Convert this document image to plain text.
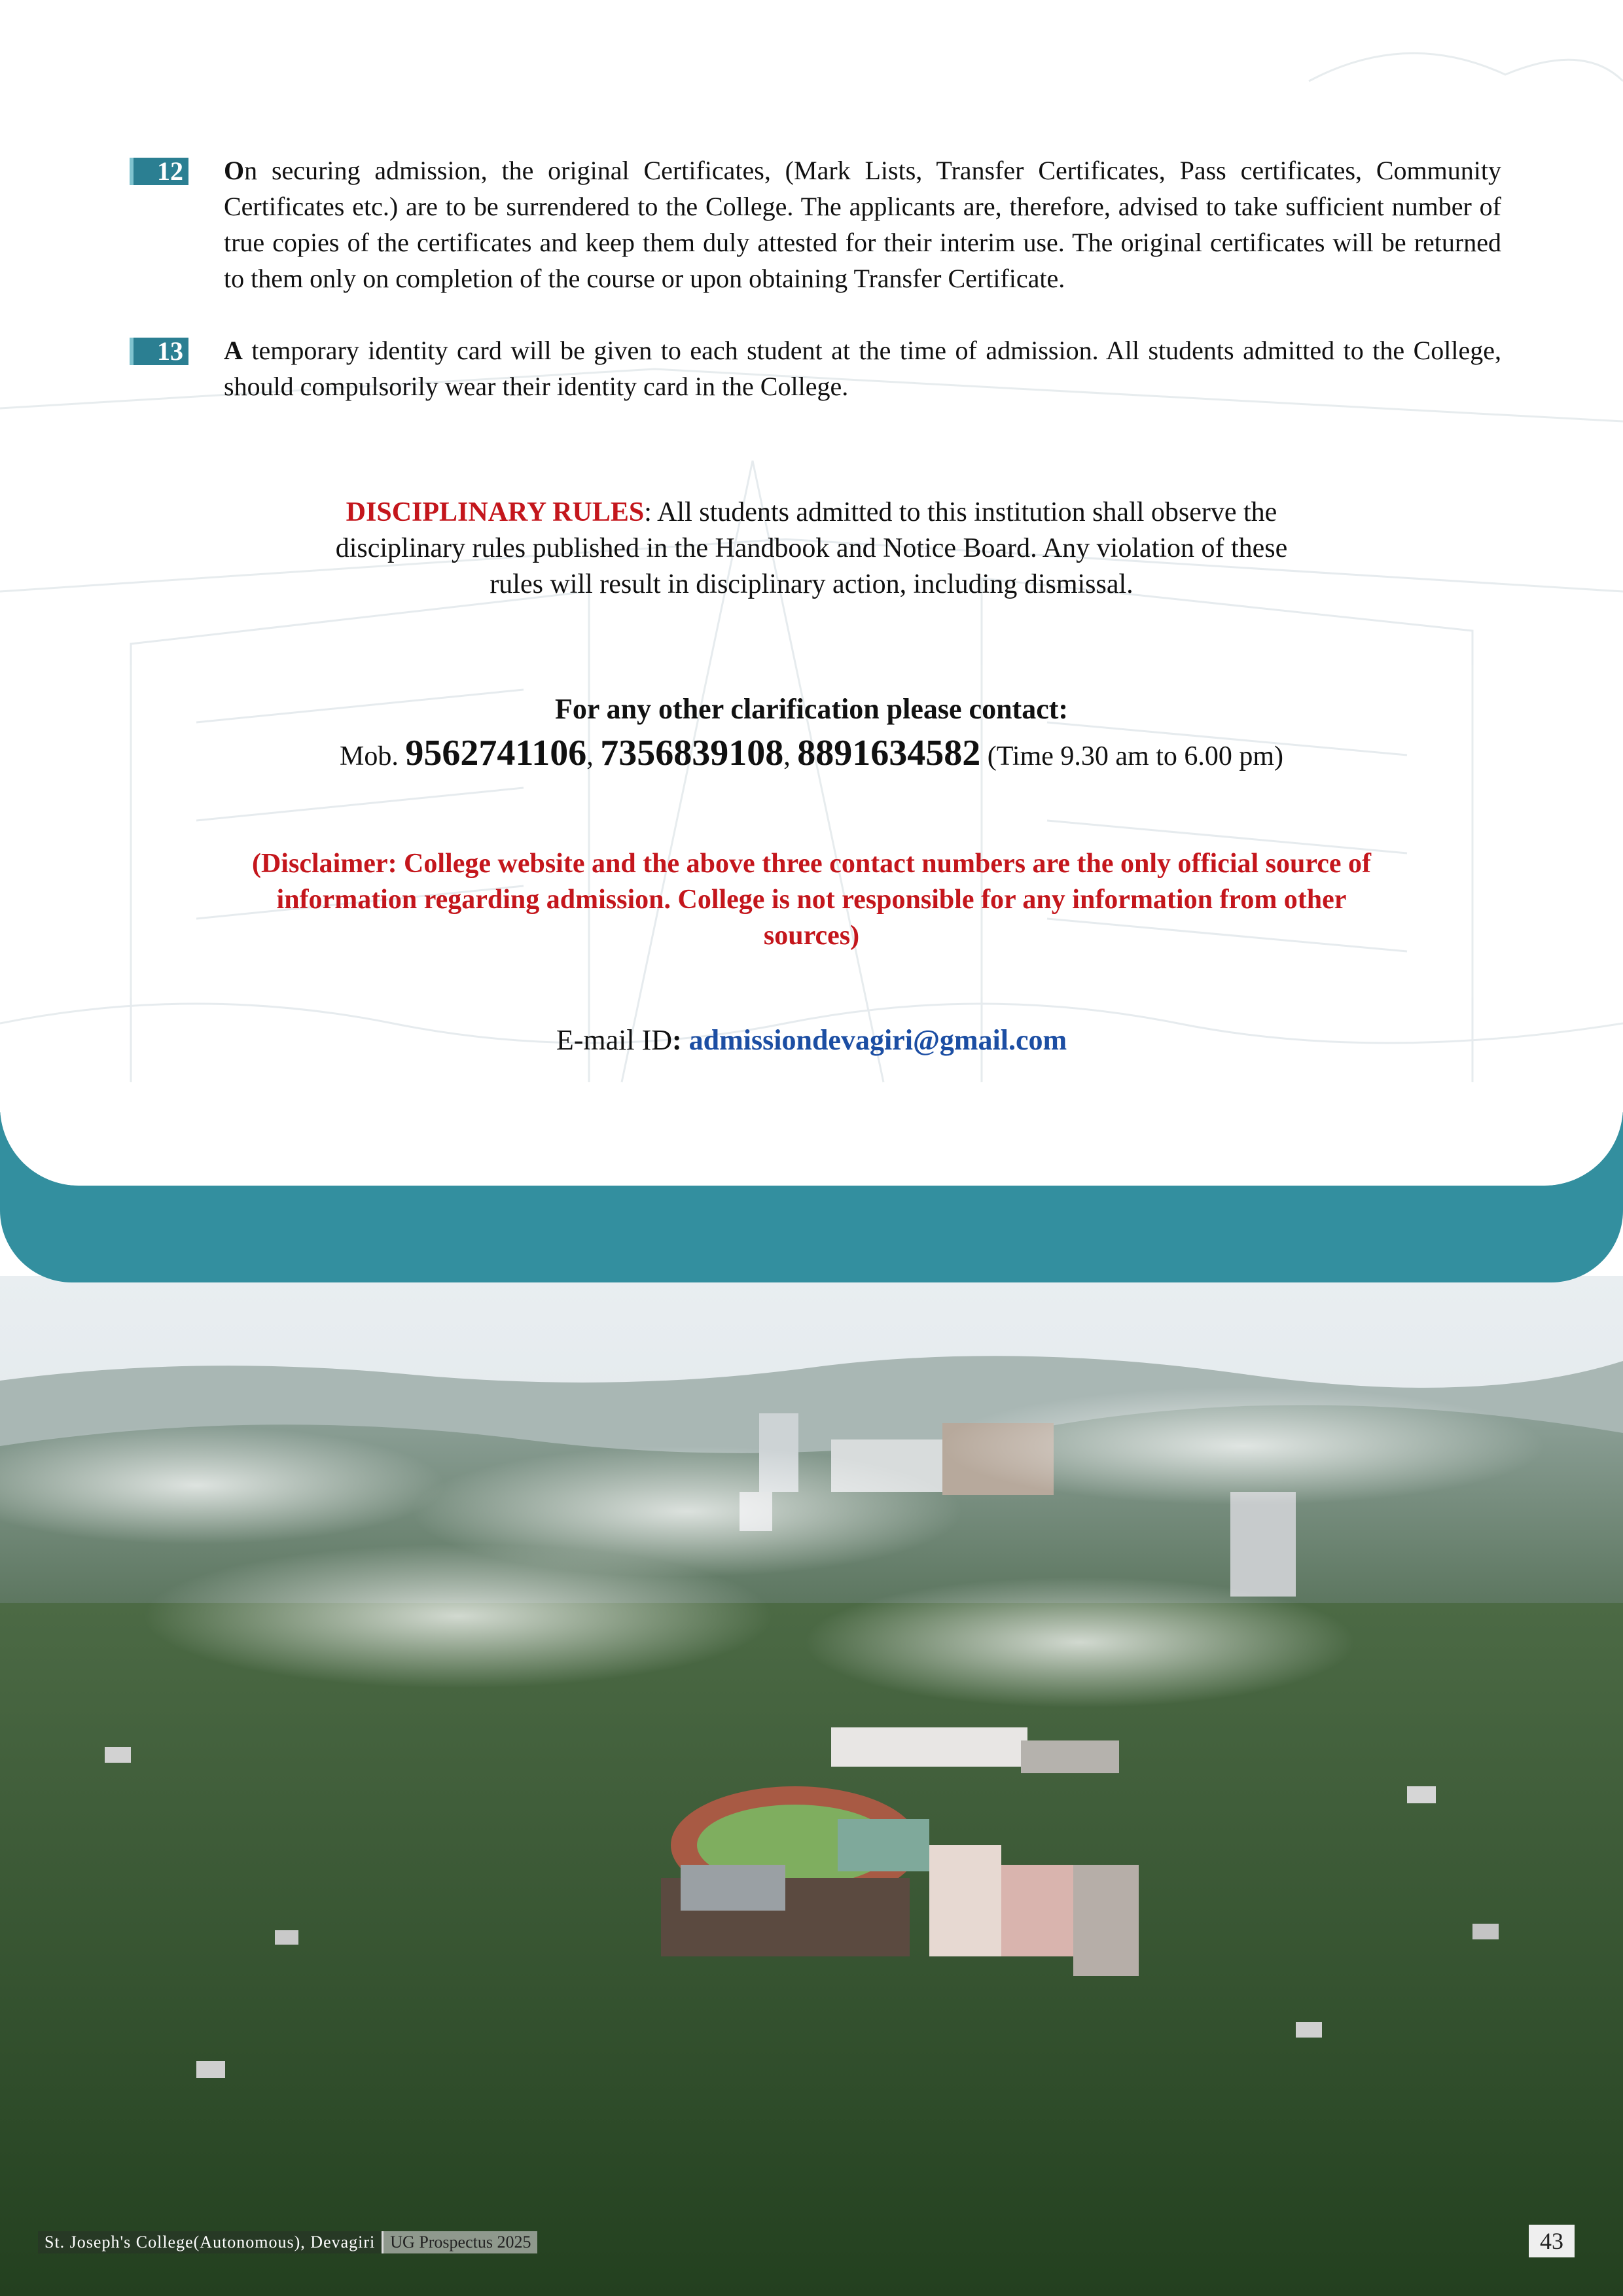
12 On securing admission, the original Certificates, (Mark Lists, Transfer Certificates, Pass certificates, Community Certificates etc.) are to be surrendered to the College. The applicants are, therefore, advised to take sufficient number of true copies of the certificates and keep them duly attested for their interim use. The original certificates will be returned to them only on completion of the course or upon obtaining Transfer Certificate.

13 A temporary identity card will be given to each student at the time of admission. All students admitted to the College, should compulsorily wear their identity card in the College.

DISCIPLINARY RULES: All students admitted to this institution shall observe the disciplinary rules published in the Handbook and Notice Board. Any violation of these rules will result in disciplinary action, including dismissal.

For any other clarification please contact:

Mob. 9562741106, 7356839108, 8891634582 (Time 9.30 am to 6.00 pm)

(Disclaimer: College website and the above three contact numbers are the only official source of information regarding admission. College is not responsible for any information from other sources)

E-mail ID: admissiondevagiri@gmail.com

St. Joseph's College(Autonomous), Devagiri UG Prospectus 2025	43
